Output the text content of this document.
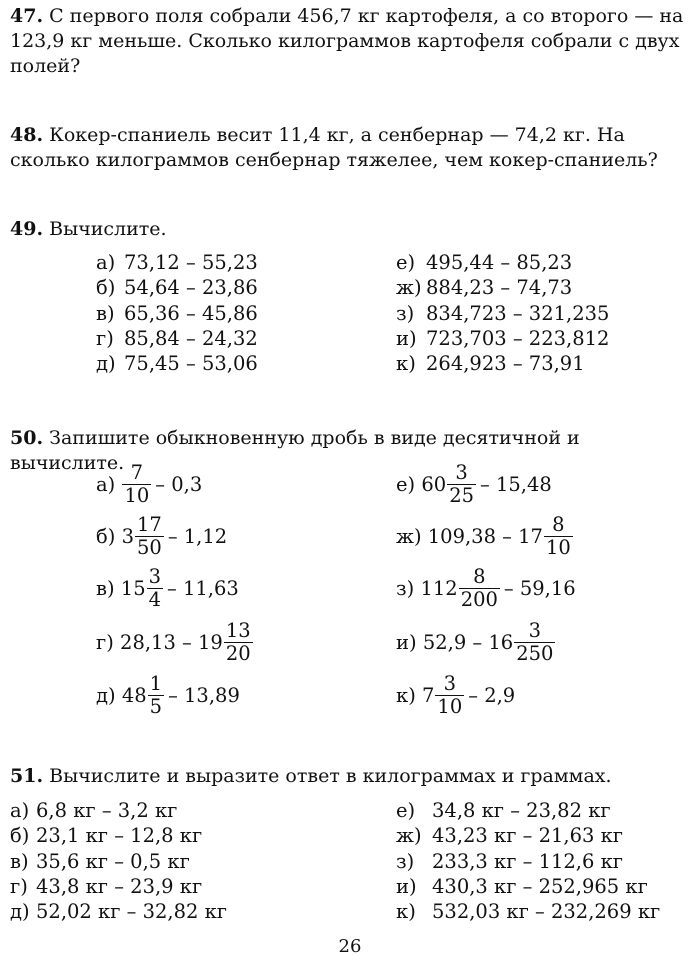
47. С первого поля собрали 456,7 кг картофеля, а со второго — на 123,9 кг меньше. Сколько килограммов картофеля собрали с двух полей?
48. Кокер-спаниель весит 11,4 кг, а сенбернар — 74,2 кг. На сколько килограммов сенбернар тяжелее, чем кокер-спаниель?
49. Вычислите.
а) 73,12 – 55,23
б) 54,64 – 23,86
в) 65,36 – 45,86
г) 85,84 – 24,32
д) 75,45 – 53,06
е) 495,44 – 85,23
ж) 884,23 – 74,73
з) 834,723 – 321,235
и) 723,703 – 223,812
к) 264,923 – 73,91
50. Запишите обыкновенную дробь в виде десятичной и вычислите.
а)
$\frac{7}{10} - 0,3$
б)
$3 \frac{17}{50} - 1,12$
в)
$15 \frac{3}{4} - 11,63$
г)
$28,13 - 19 \frac{13}{20}$
д)
$48 \frac{1}{5} - 13,89$
е)
$60 \frac{3}{25} - 15,48$
ж)
$109,38 - 17 \frac{8}{10}$
з)
$112 \frac{8}{200} - 59,16$
и)
$52,9 - 16 \frac{3}{250}$
к)
$7 \frac{3}{10} - 2,9$
51. Вычислите и выразите ответ в килограммах и граммах.
а) 6,8 кг – 3,2 кг
б) 23,1 кг – 12,8 кг
в) 35,6 кг – 0,5 кг
г) 43,8 кг – 23,9 кг
д) 52,02 кг – 32,82 кг
е) 34,8 кг – 23,82 кг
ж) 43,23 кг – 21,63 кг
з) 233,3 кг – 112,6 кг
и) 430,3 кг – 252,965 кг
к) 532,03 кг – 232,269 кг
26
